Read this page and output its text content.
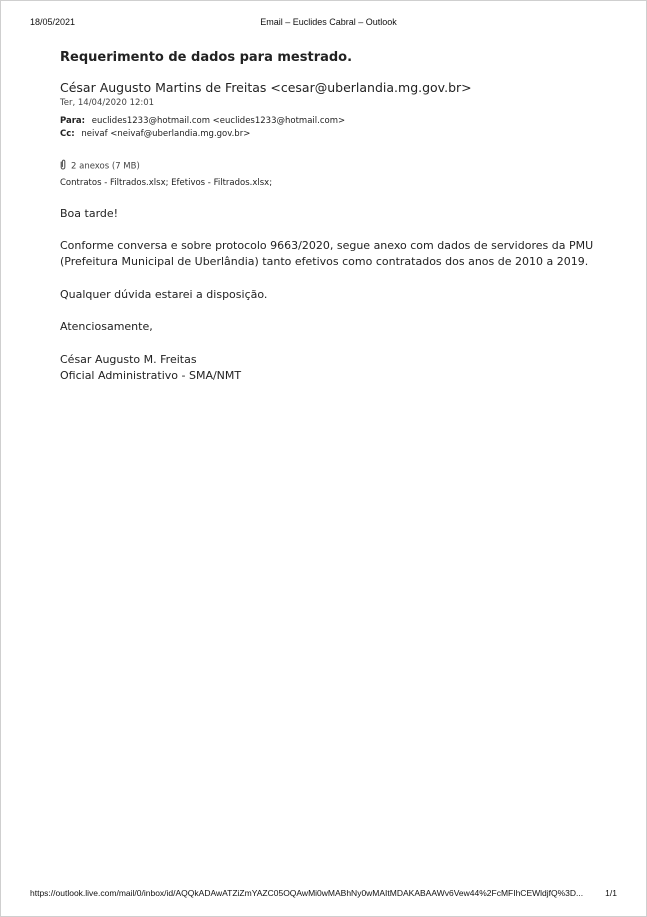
18/05/2021	Email – Euclides Cabral – Outlook
Requerimento de dados para mestrado.
César Augusto Martins de Freitas <cesar@uberlandia.mg.gov.br>
Ter, 14/04/2020 12:01
Para: euclides1233@hotmail.com <euclides1233@hotmail.com>
Cc: neivaf <neivaf@uberlandia.mg.gov.br>
2 anexos (7 MB)
Contratos - Filtrados.xlsx; Efetivos - Filtrados.xlsx;
Boa tarde!
Conforme conversa e sobre protocolo 9663/2020, segue anexo com dados de servidores da PMU
(Prefeitura Municipal de Uberlândia) tanto efetivos como contratados dos anos de 2010 a 2019.
Qualquer dúvida estarei a disposição.
Atenciosamente,
César Augusto M. Freitas
Oficial Administrativo - SMA/NMT
https://outlook.live.com/mail/0/inbox/id/AQQkADAwATZiZmYAZC05OQAwMi0wMABhNy0wMAItMDAKABAAWv6Vew44%2FcMFIhCEWldjfQ%3D...	1/1
